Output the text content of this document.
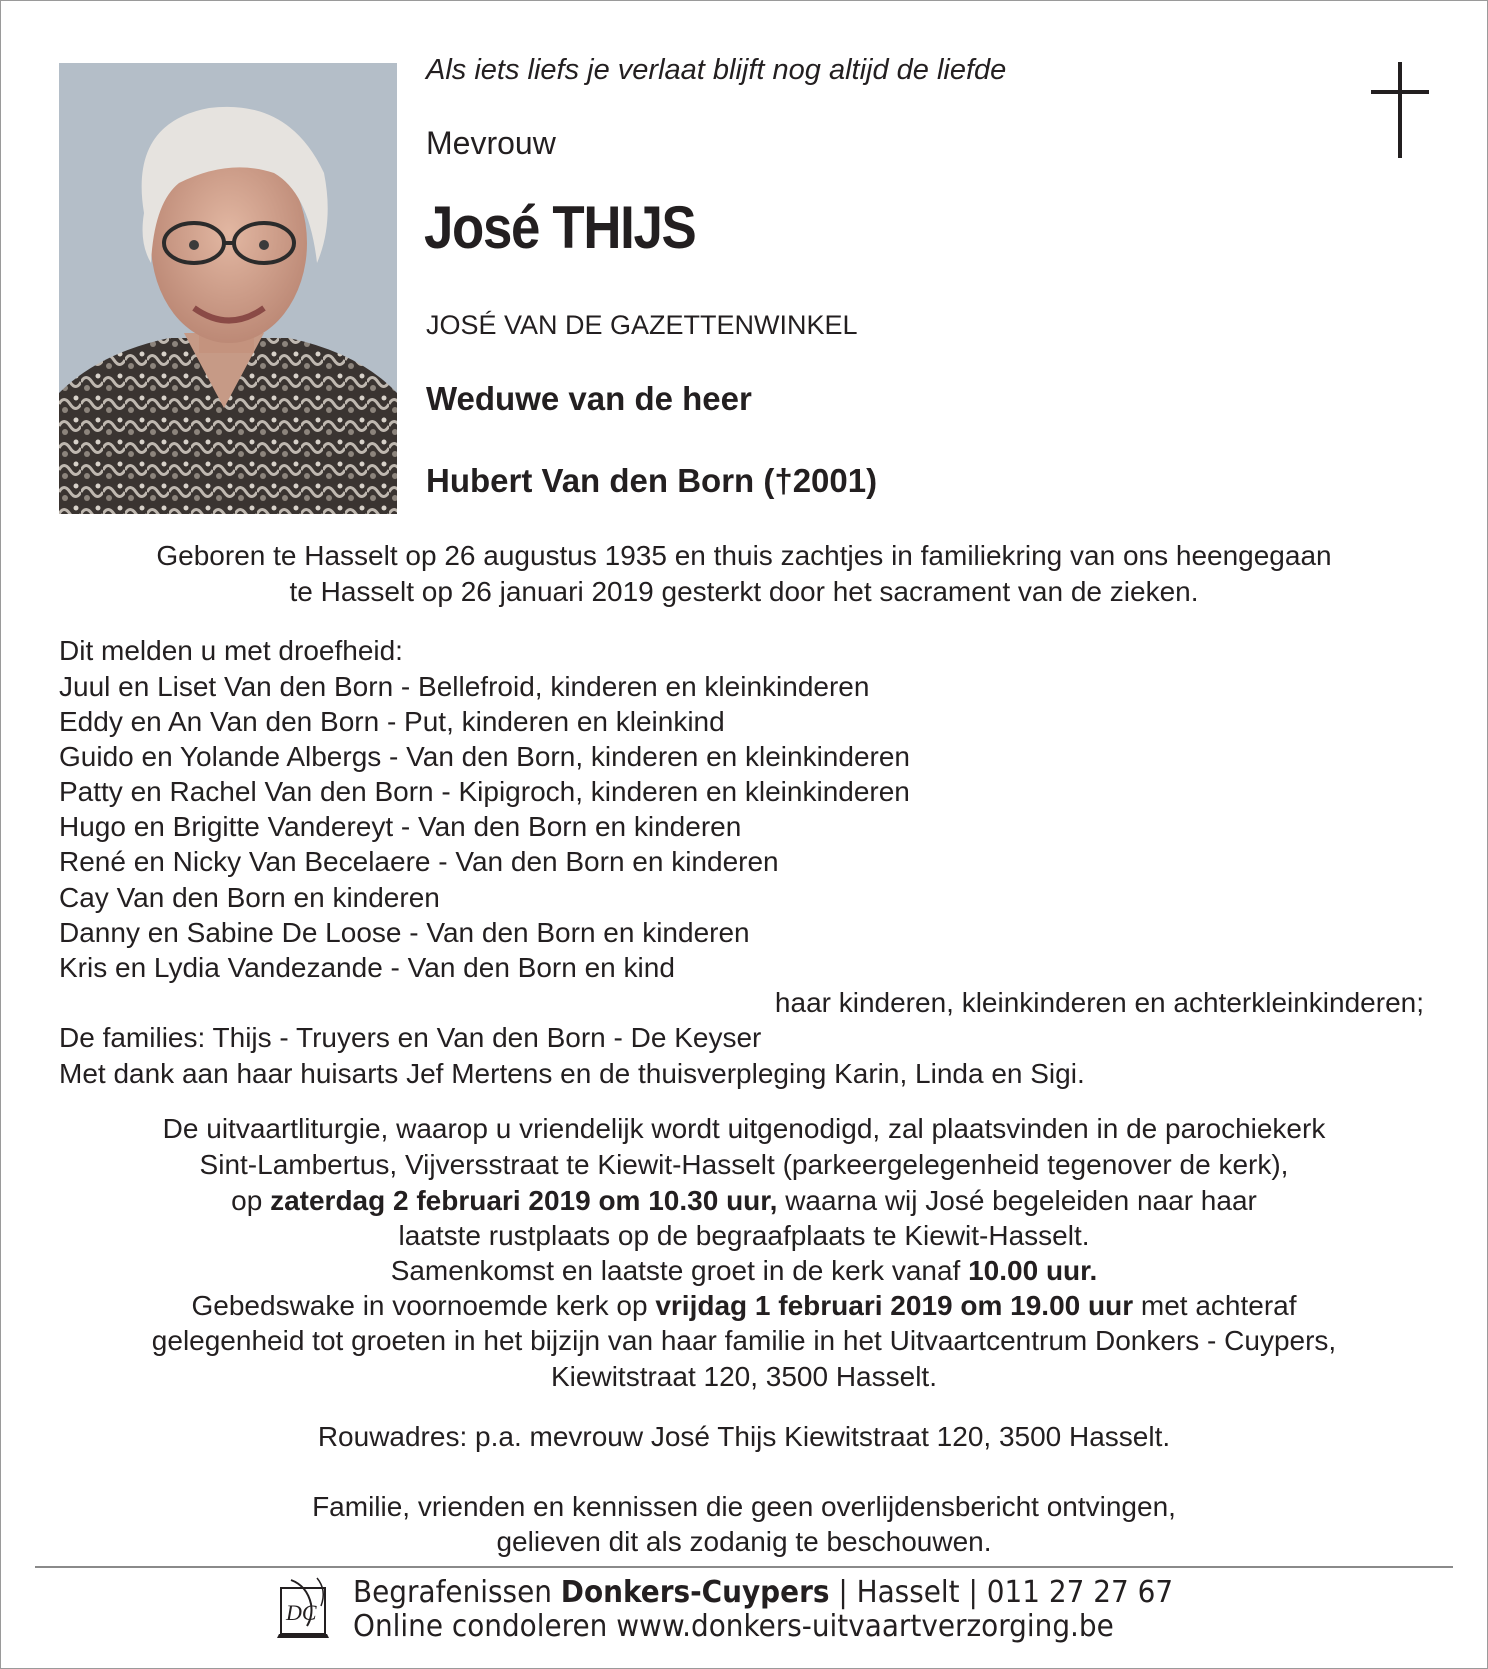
Als iets liefs je verlaat blijft nog altijd de liefde
Mevrouw
José THIJS
JOSÉ VAN DE GAZETTENWINKEL
Weduwe van de heer
Hubert Van den Born (†2001)
Geboren te Hasselt op 26 augustus 1935 en thuis zachtjes in familiekring van ons heengegaan
te Hasselt op 26 januari 2019 gesterkt door het sacrament van de zieken.
Dit melden u met droefheid:
Juul en Liset Van den Born - Bellefroid, kinderen en kleinkinderen
Eddy en An Van den Born - Put, kinderen en kleinkind
Guido en Yolande Albergs - Van den Born, kinderen en kleinkinderen
Patty en Rachel Van den Born - Kipigroch, kinderen en kleinkinderen
Hugo en Brigitte Vandereyt - Van den Born en kinderen
René en Nicky Van Becelaere - Van den Born en kinderen
Cay Van den Born en kinderen
Danny en Sabine De Loose - Van den Born en kinderen
Kris en Lydia Vandezande - Van den Born en kind
haar kinderen, kleinkinderen en achterkleinkinderen;
De families: Thijs - Truyers en Van den Born - De Keyser
Met dank aan haar huisarts Jef Mertens en de thuisverpleging Karin, Linda en Sigi.
De uitvaartliturgie, waarop u vriendelijk wordt uitgenodigd, zal plaatsvinden in de parochiekerk
Sint-Lambertus, Vijversstraat te Kiewit-Hasselt (parkeergelegenheid tegenover de kerk),
op zaterdag 2 februari 2019 om 10.30 uur, waarna wij José begeleiden naar haar
laatste rustplaats op de begraafplaats te Kiewit-Hasselt.
Samenkomst en laatste groet in de kerk vanaf 10.00 uur.
Gebedswake in voornoemde kerk op vrijdag 1 februari 2019 om 19.00 uur met achteraf
gelegenheid tot groeten in het bijzijn van haar familie in het Uitvaartcentrum Donkers - Cuypers,
Kiewitstraat 120, 3500 Hasselt.
Rouwadres: p.a. mevrouw José Thijs Kiewitstraat 120, 3500 Hasselt.
Familie, vrienden en kennissen die geen overlijdensbericht ontvingen,
gelieven dit als zodanig te beschouwen.
DC
Begrafenissen Donkers-Cuypers | Hasselt | 011 27 27 67
Online condoleren www.donkers-uitvaartverzorging.be
